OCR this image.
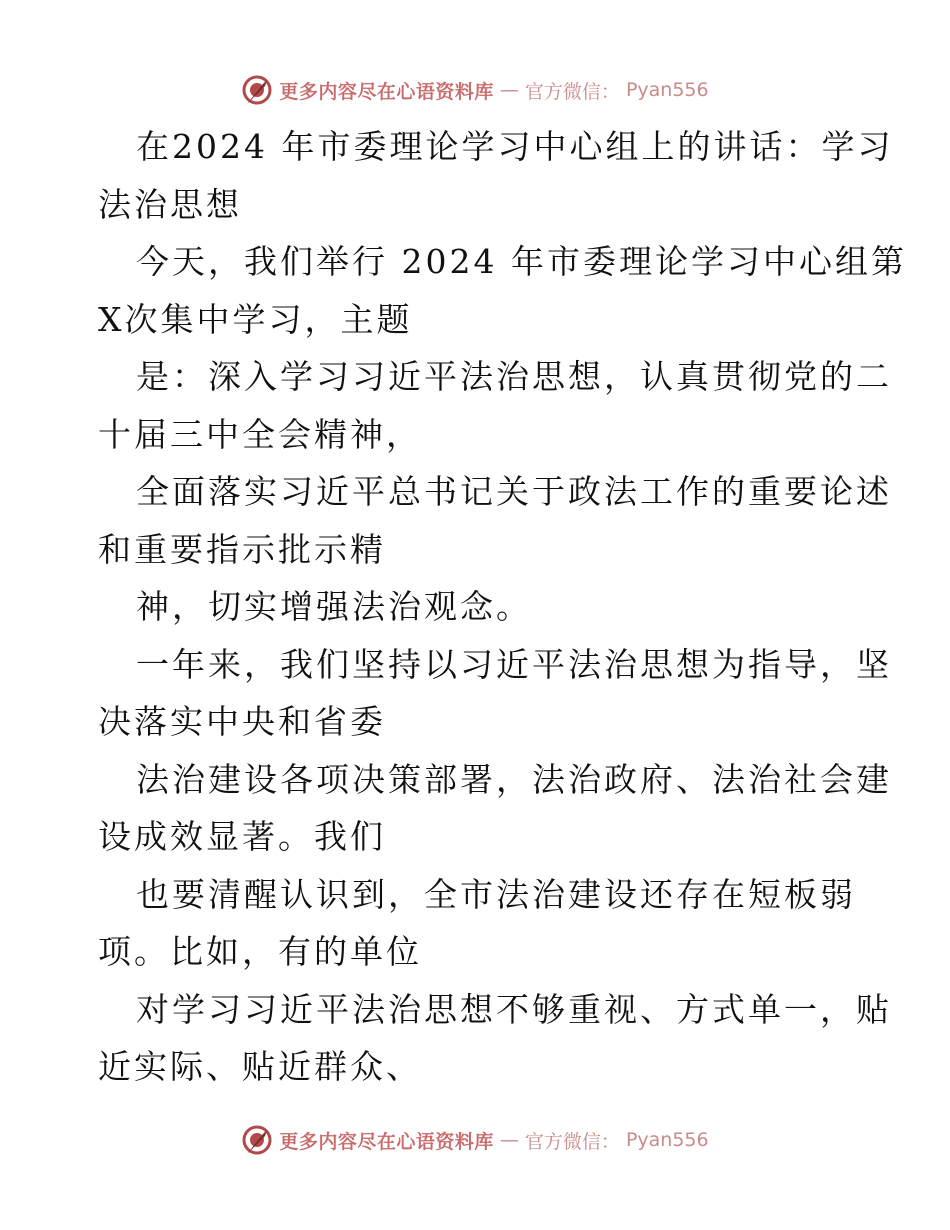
更多内容尽在心语资料库 — 官方微信： Pyan556
在2024 年市委理论学习中心组上的讲话：学习
法治思想
今天，我们举行 2024 年市委理论学习中心组第
X次集中学习，主题
是：深入学习习近平法治思想，认真贯彻党的二
十届三中全会精神，
全面落实习近平总书记关于政法工作的重要论述
和重要指示批示精
神，切实增强法治观念。
一年来，我们坚持以习近平法治思想为指导，坚
决落实中央和省委
法治建设各项决策部署，法治政府、法治社会建
设成效显著。我们
也要清醒认识到，全市法治建设还存在短板弱
项。比如，有的单位
对学习习近平法治思想不够重视、方式单一，贴
近实际、贴近群众、
更多内容尽在心语资料库 — 官方微信： Pyan556
